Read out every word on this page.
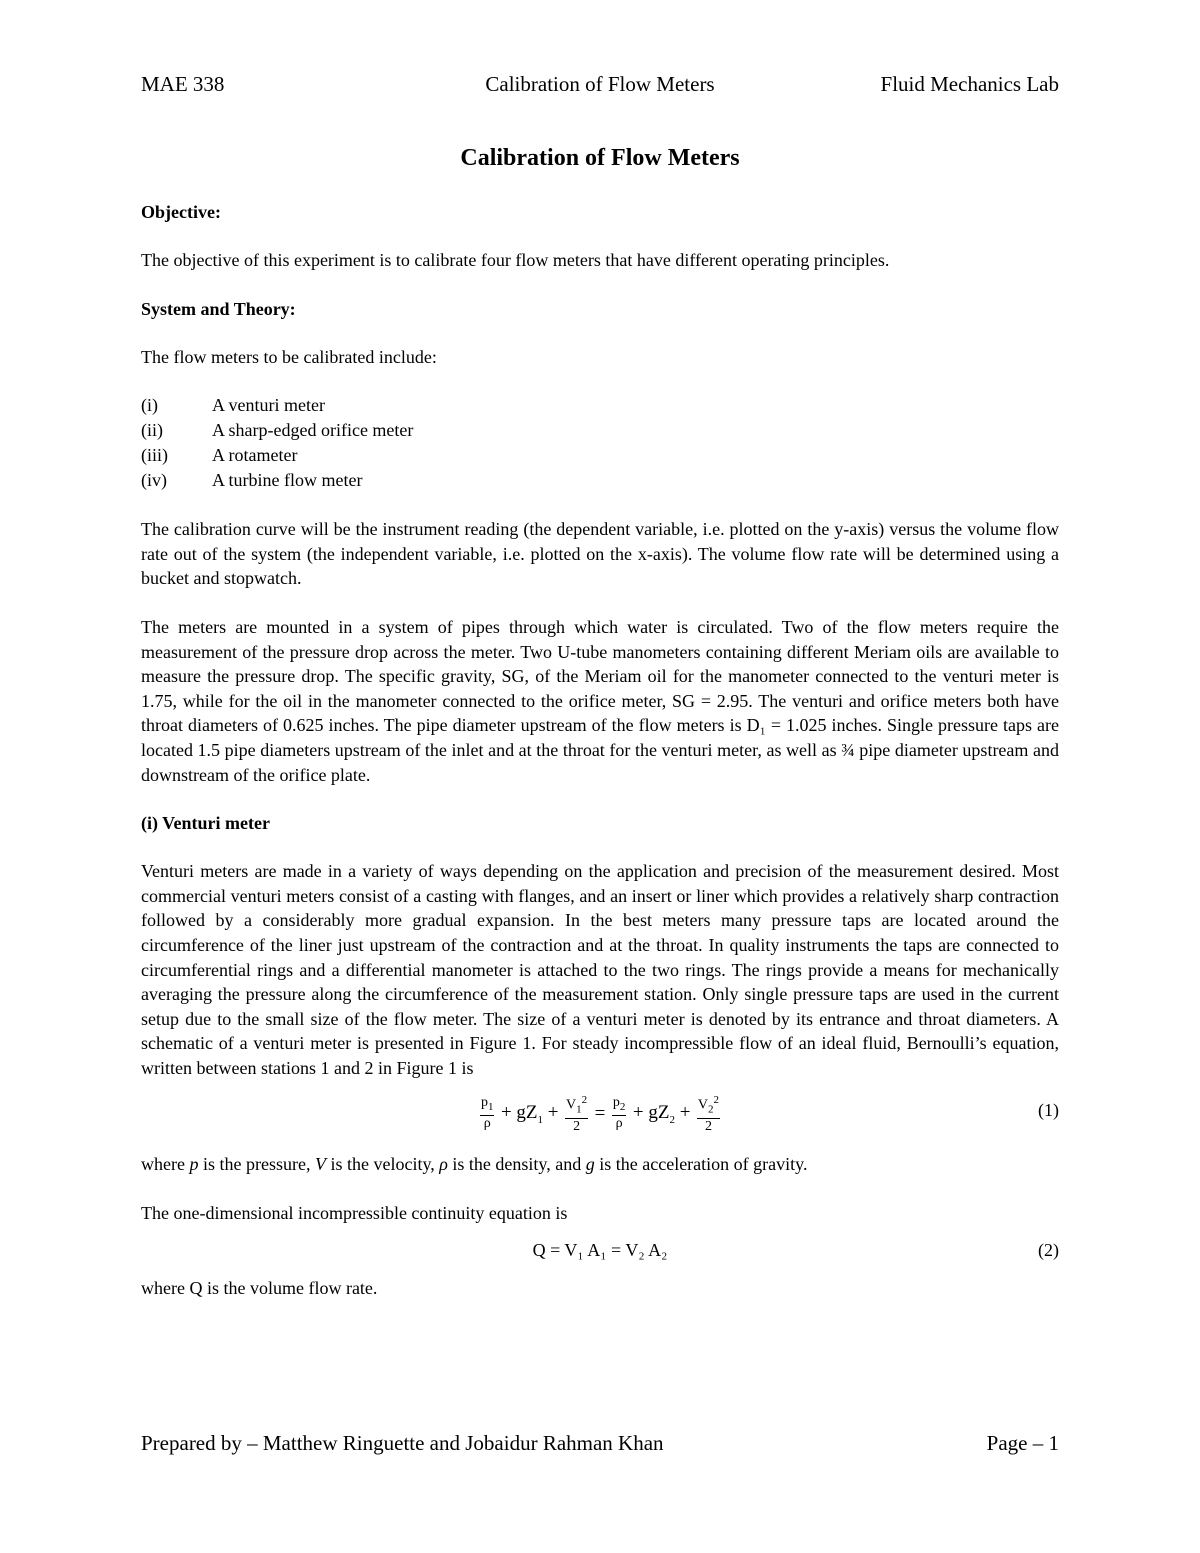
MAE 338	Calibration of Flow Meters	Fluid Mechanics Lab
Calibration of Flow Meters
Objective:

The objective of this experiment is to calibrate four flow meters that have different operating principles.

System and Theory:

The flow meters to be calibrated include:

(i)	A venturi meter
(ii)	A sharp-edged orifice meter
(iii) A rotameter
(iv)	A turbine flow meter

The calibration curve will be the instrument reading (the dependent variable, i.e. plotted on the y-axis) versus the volume flow rate out of the system (the independent variable, i.e. plotted on the x-axis). The volume flow rate will be determined using a bucket and stopwatch.

The meters are mounted in a system of pipes through which water is circulated. Two of the flow meters require the measurement of the pressure drop across the meter. Two U-tube manometers containing different Meriam oils are available to measure the pressure drop. The specific gravity, SG, of the Meriam oil for the manometer connected to the venturi meter is 1.75, while for the oil in the manometer connected to the orifice meter, SG = 2.95. The venturi and orifice meters both have throat diameters of 0.625 inches. The pipe diameter upstream of the flow meters is D₁ = 1.025 inches. Single pressure taps are located 1.5 pipe diameters upstream of the inlet and at the throat for the venturi meter, as well as ¾ pipe diameter upstream and downstream of the orifice plate.

(i) Venturi meter

Venturi meters are made in a variety of ways depending on the application and precision of the measurement desired. Most commercial venturi meters consist of a casting with flanges, and an insert or liner which provides a relatively sharp contraction followed by a considerably more gradual expansion. In the best meters many pressure taps are located around the circumference of the liner just upstream of the contraction and at the throat. In quality instruments the taps are connected to circumferential rings and a differential manometer is attached to the two rings. The rings provide a means for mechanically averaging the pressure along the circumference of the measurement station. Only single pressure taps are used in the current setup due to the small size of the flow meter. The size of a venturi meter is denoted by its entrance and throat diameters. A schematic of a venturi meter is presented in Figure 1. For steady incompressible flow of an ideal fluid, Bernoulli’s equation, written between stations 1 and 2 in Figure 1 is

$\frac{p_1}{\rho} + gZ_1 + \frac{V_1^2}{2} = \frac{p_2}{\rho} + gZ_2 + \frac{V_2^2}{2}$	(1)

where p is the pressure, V is the velocity, ρ is the density, and g is the acceleration of gravity.

The one-dimensional incompressible continuity equation is

Q = V₁ A₁ = V₂ A₂	(2)

where Q is the volume flow rate.

Prepared by – Matthew Ringuette and Jobaidur Rahman Khan	Page – 1
